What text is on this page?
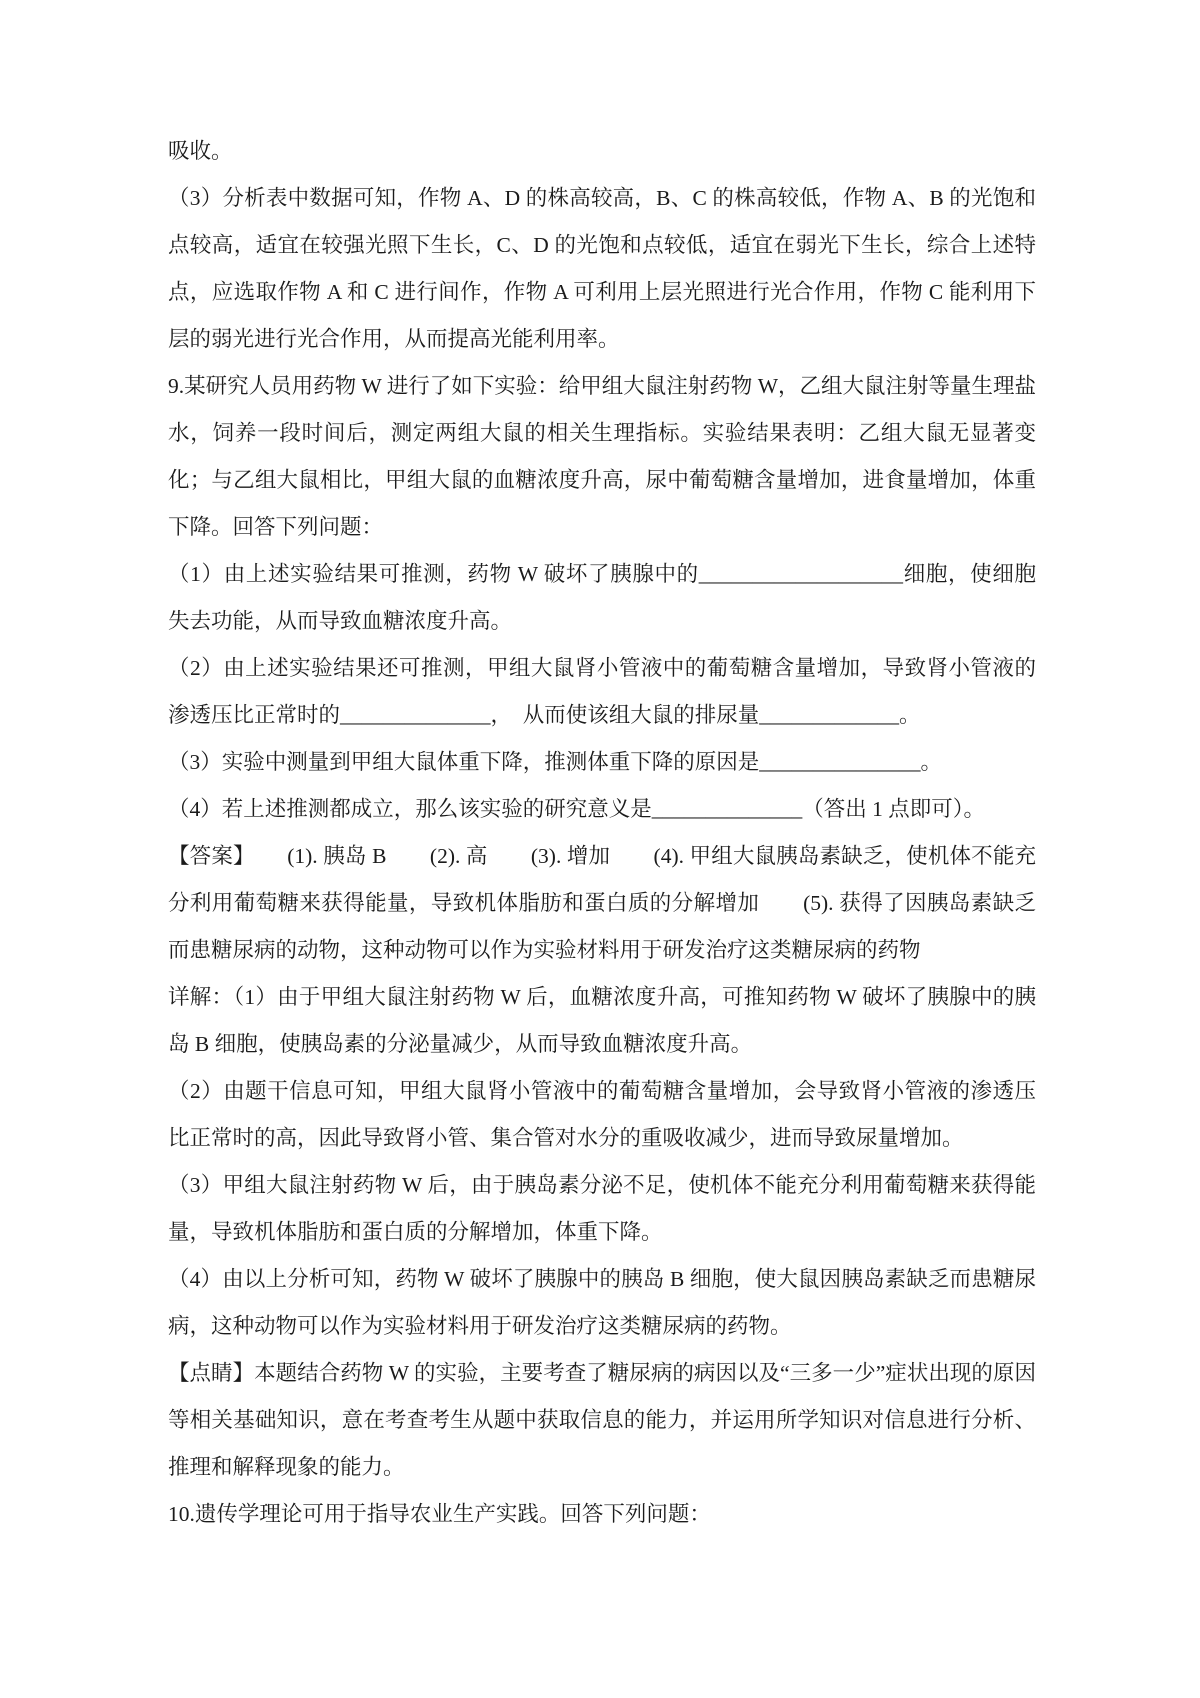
吸收。

（3）分析表中数据可知，作物 A、D 的株高较高，B、C 的株高较低，作物 A、B 的光饱和点较高，适宜在较强光照下生长，C、D 的光饱和点较低，适宜在弱光下生长，综合上述特点，应选取作物 A 和 C 进行间作，作物 A 可利用上层光照进行光合作用，作物 C 能利用下层的弱光进行光合作用，从而提高光能利用率。

9.某研究人员用药物 W 进行了如下实验：给甲组大鼠注射药物 W，乙组大鼠注射等量生理盐水，饲养一段时间后，测定两组大鼠的相关生理指标。实验结果表明：乙组大鼠无显著变化；与乙组大鼠相比，甲组大鼠的血糖浓度升高，尿中葡萄糖含量增加，进食量增加，体重下降。回答下列问题：

（1）由上述实验结果可推测，药物 W 破坏了胰腺中的___________________细胞，使细胞失去功能，从而导致血糖浓度升高。

（2）由上述实验结果还可推测，甲组大鼠肾小管液中的葡萄糖含量增加，导致肾小管液的渗透压比正常时的______________，　从而使该组大鼠的排尿量_____________。

（3）实验中测量到甲组大鼠体重下降，推测体重下降的原因是_______________。

（4）若上述推测都成立，那么该实验的研究意义是______________（答出 1 点即可）。

【答案】　　(1). 胰岛 B　　(2). 高　　(3). 增加　　(4). 甲组大鼠胰岛素缺乏，使机体不能充分利用葡萄糖来获得能量，导致机体脂肪和蛋白质的分解增加　　(5). 获得了因胰岛素缺乏而患糖尿病的动物，这种动物可以作为实验材料用于研发治疗这类糖尿病的药物

详解：（1）由于甲组大鼠注射药物 W 后，血糖浓度升高，可推知药物 W 破坏了胰腺中的胰岛 B 细胞，使胰岛素的分泌量减少，从而导致血糖浓度升高。

（2）由题干信息可知，甲组大鼠肾小管液中的葡萄糖含量增加，会导致肾小管液的渗透压比正常时的高，因此导致肾小管、集合管对水分的重吸收减少，进而导致尿量增加。

（3）甲组大鼠注射药物 W 后，由于胰岛素分泌不足，使机体不能充分利用葡萄糖来获得能量，导致机体脂肪和蛋白质的分解增加，体重下降。

（4）由以上分析可知，药物 W 破坏了胰腺中的胰岛 B 细胞，使大鼠因胰岛素缺乏而患糖尿病，这种动物可以作为实验材料用于研发治疗这类糖尿病的药物。

【点睛】本题结合药物 W 的实验，主要考查了糖尿病的病因以及“三多一少”症状出现的原因等相关基础知识，意在考查考生从题中获取信息的能力，并运用所学知识对信息进行分析、推理和解释现象的能力。

10.遗传学理论可用于指导农业生产实践。回答下列问题：
